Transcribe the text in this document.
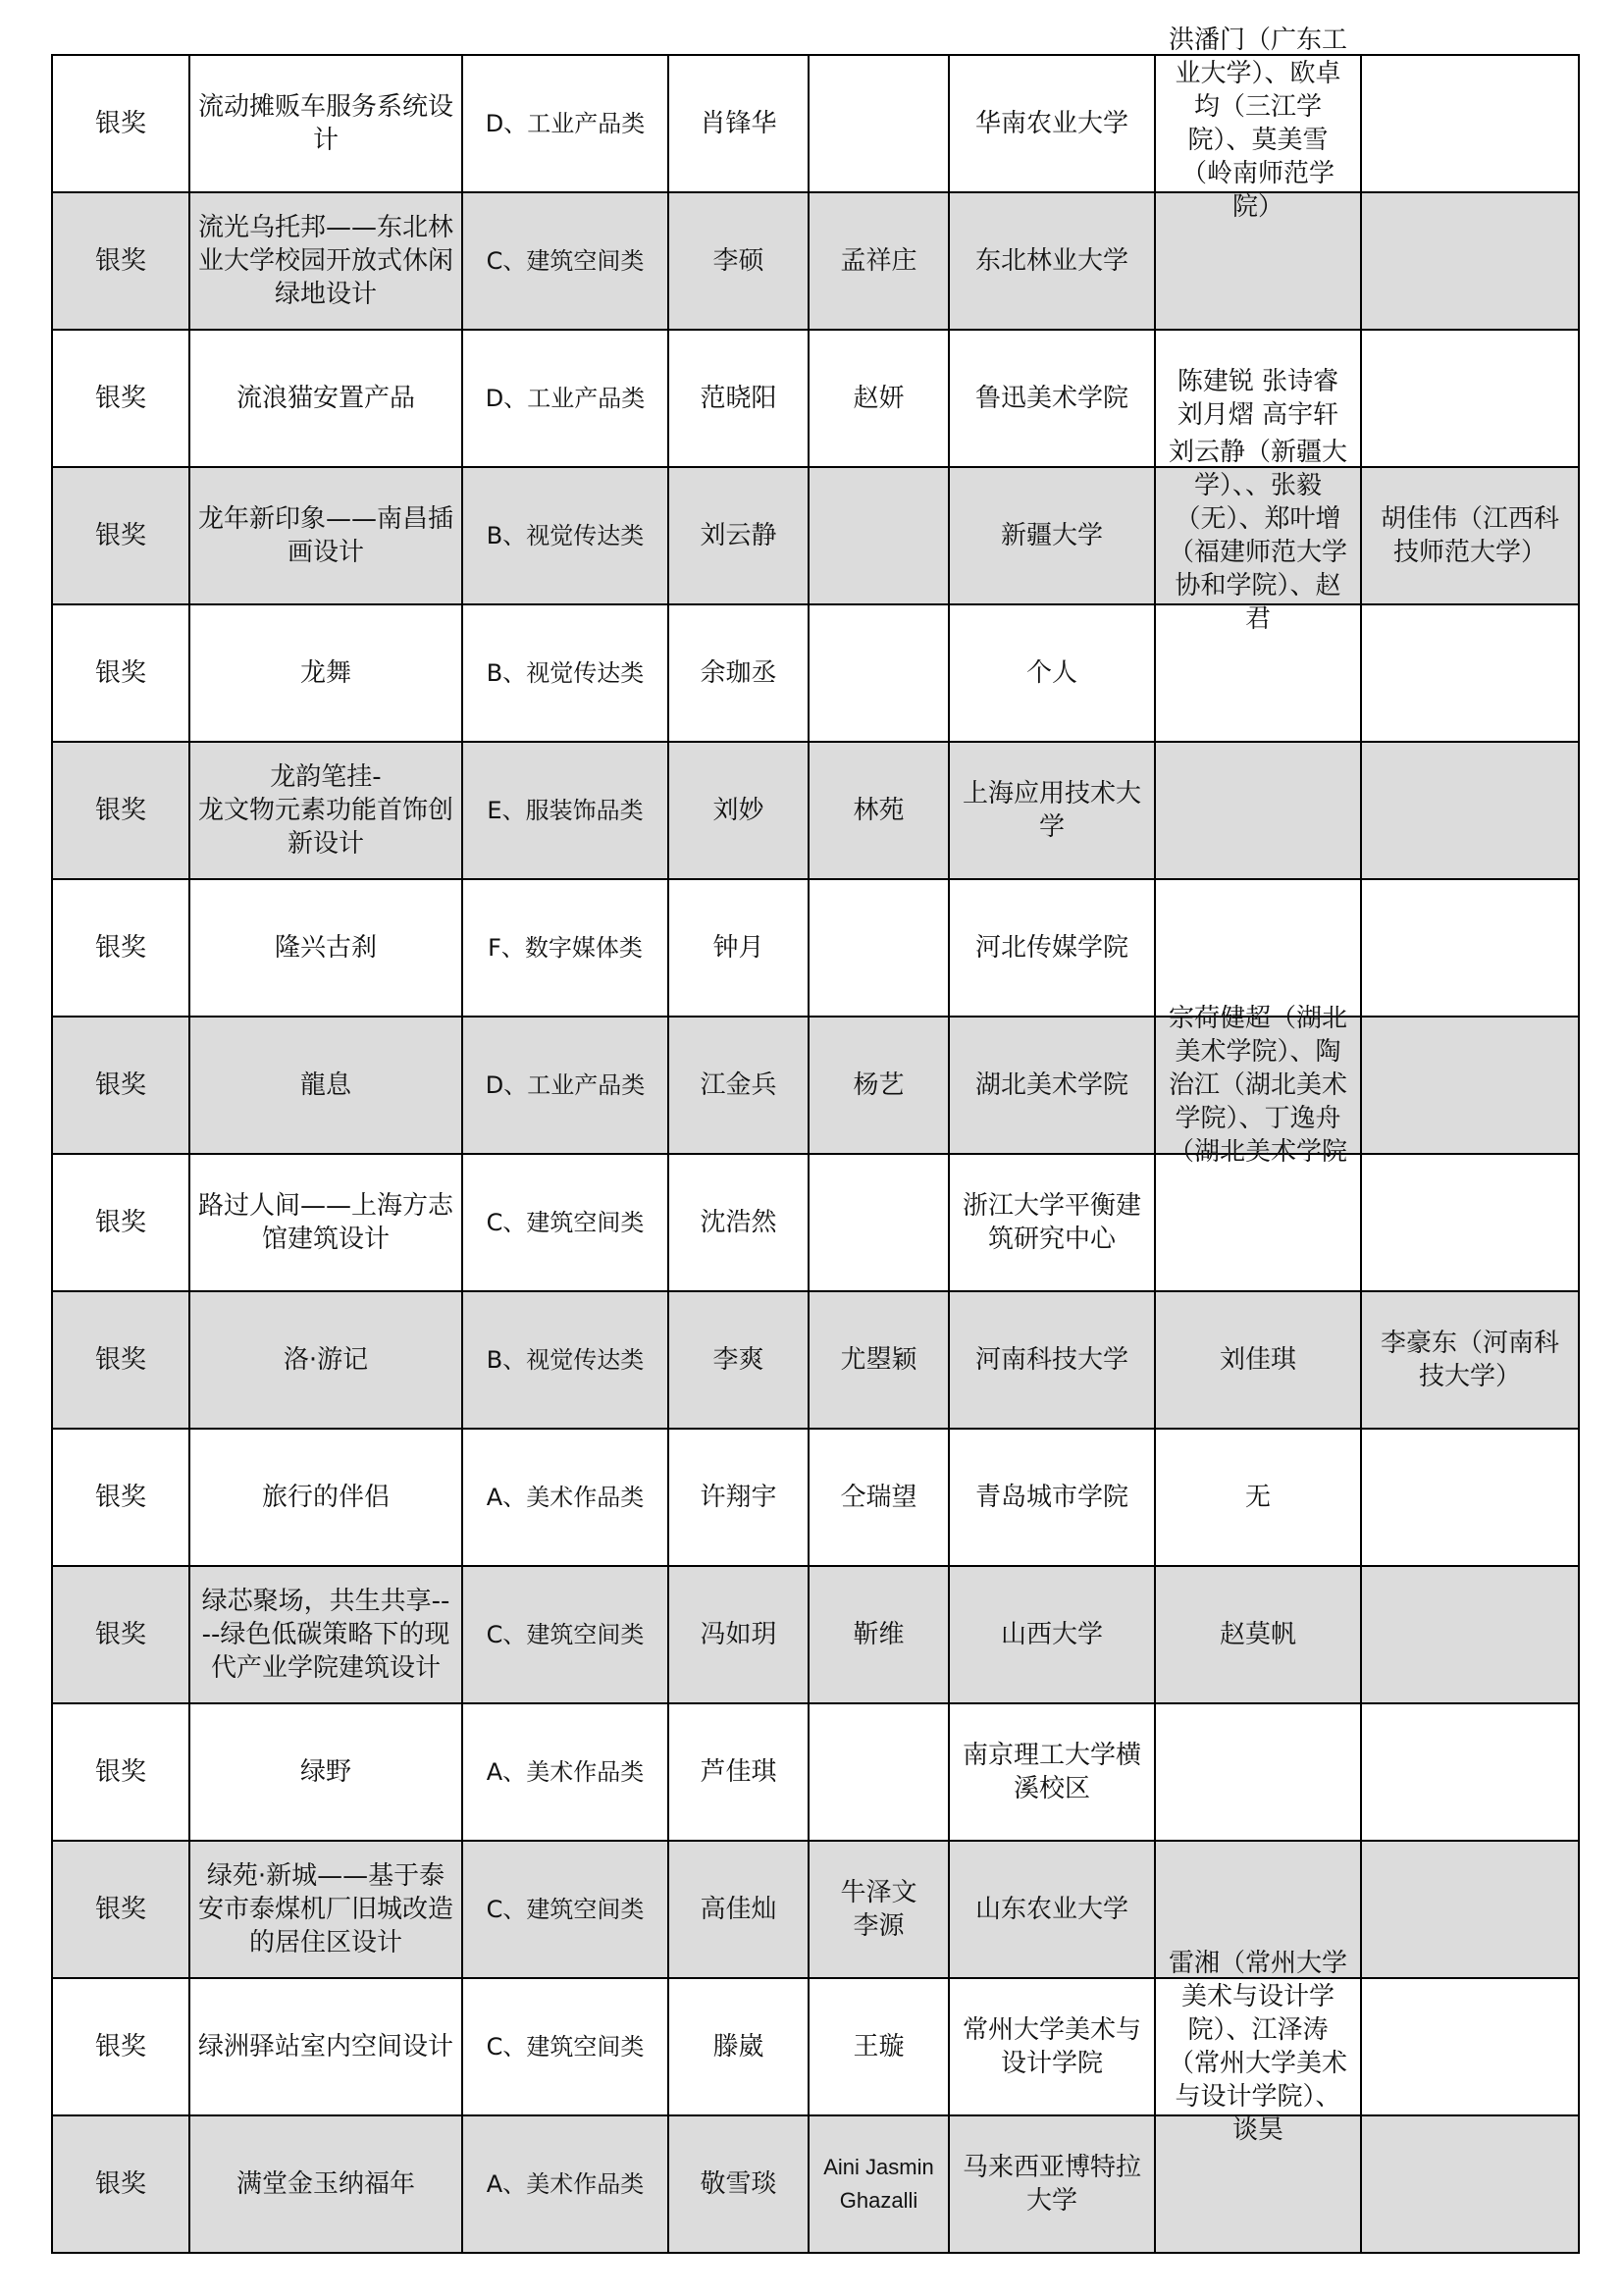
银奖	流动摊贩车服务系统设计	D、工业产品类	肖锋华		华南农业大学	洪潘门（广东工业大学）、欧卓均（三江学院）、莫美雪（岭南师范学	

银奖	流光乌托邦——东北林业大学校园开放式休闲绿地设计	C、建筑空间类	李硕	孟祥庄	东北林业大学		

银奖	流浪猫安置产品	D、工业产品类	范晓阳	赵妍	鲁迅美术学院	陈建锐 张诗睿
刘月熠 高宇轩	

银奖	龙年新印象——南昌插画设计	B、视觉传达类	刘云静		新疆大学	刘云静（新疆大学）、、张毅（无）、郑叶增（福建师范大学协和学院）、赵君	胡佳伟（江西科技师范大学）

银奖	龙舞	B、视觉传达类	余珈丞		个人		

银奖	龙韵笔挂-
龙文物元素功能首饰创新设计	E、服装饰品类	刘妙	林苑	上海应用技术大学		

银奖	隆兴古刹	F、数字媒体类	钟月		河北传媒学院		

银奖	龍息	D、工业产品类	江金兵	杨艺	湖北美术学院	宗荷健超（湖北美术学院）、陶治江（湖北美术学院）、丁逸舟（湖北美术学院	

银奖	路过人间——上海方志馆建筑设计	C、建筑空间类	沈浩然		浙江大学平衡建筑研究中心		

银奖	洛·游记	B、视觉传达类	李爽	尤曌颖	河南科技大学	刘佳琪	李豪东（河南科技大学）

银奖	旅行的伴侣	A、美术作品类	许翔宇	仝瑞望	青岛城市学院	无	

银奖	绿芯聚场，共生共享----绿色低碳策略下的现代产业学院建筑设计	C、建筑空间类	冯如玥	靳维	山西大学	赵莫帆	

银奖	绿野	A、美术作品类	芦佳琪		南京理工大学横溪校区		

银奖	绿苑·新城——基于泰安市泰煤机厂旧城改造的居住区设计	C、建筑空间类	高佳灿	牛泽文
李源	山东农业大学		

银奖	绿洲驿站室内空间设计	C、建筑空间类	滕崴	王璇	常州大学美术与设计学院	美术与设计学院）、江泽涛（常州大学美术与设计学院）、	

银奖	满堂金玉纳福年	A、美术作品类	敬雪琰	Aini Jasmin Ghazalli	马来西亚博特拉大学		
